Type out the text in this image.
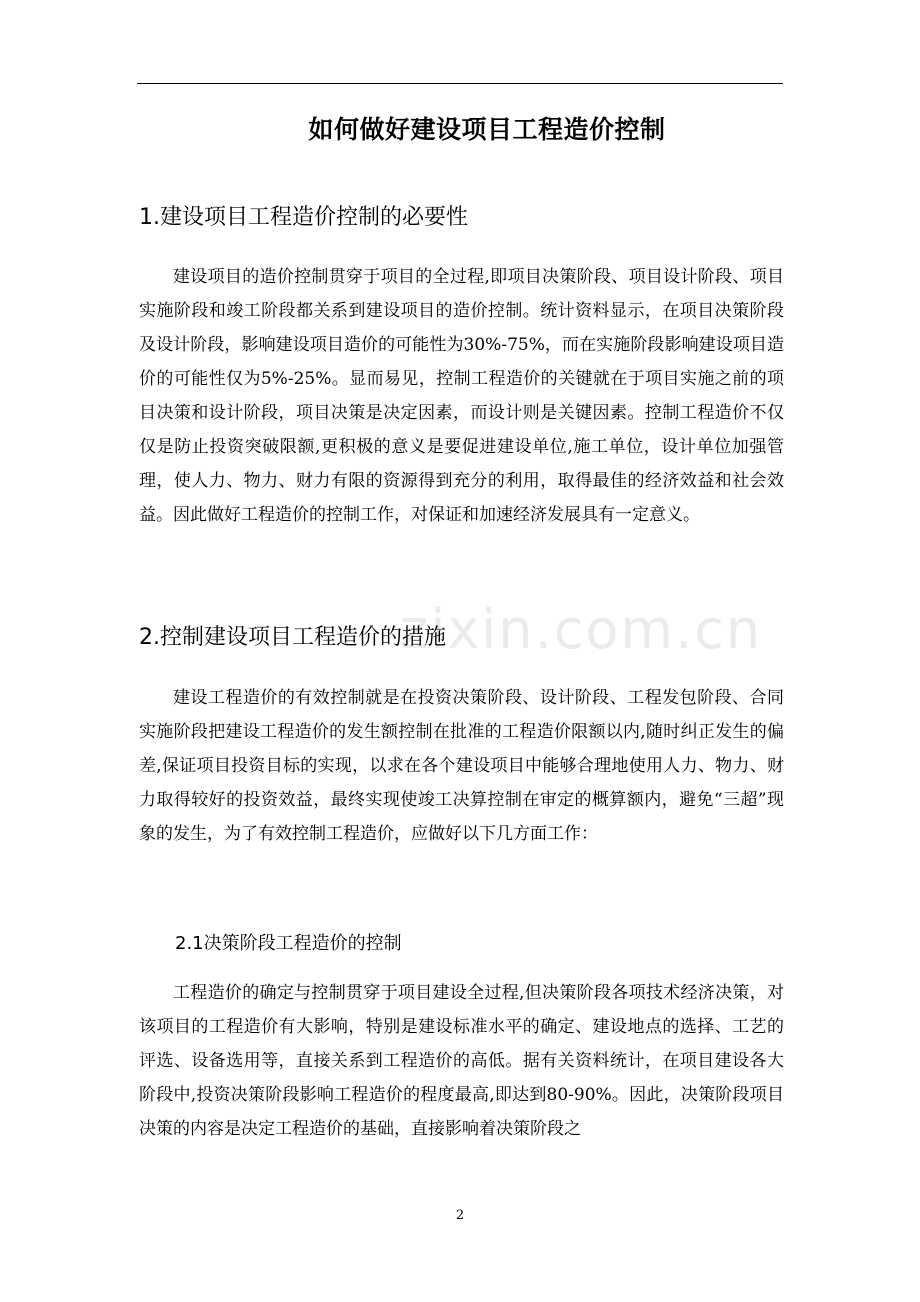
如何做好建设项目工程造价控制
1.建设项目工程造价控制的必要性

建设项目的造价控制贯穿于项目的全过程,即项目决策阶段、项目设计阶段、项目实施阶段和竣工阶段都关系到建设项目的造价控制。统计资料显示，在项目决策阶段及设计阶段，影响建设项目造价的可能性为30%-75%，而在实施阶段影响建设项目造价的可能性仅为5%-25%。显而易见，控制工程造价的关键就在于项目实施之前的项目决策和设计阶段，项目决策是决定因素，而设计则是关键因素。控制工程造价不仅仅是防止投资突破限额,更积极的意义是要促进建设单位,施工单位，设计单位加强管理，使人力、物力、财力有限的资源得到充分的利用，取得最佳的经济效益和社会效益。因此做好工程造价的控制工作，对保证和加速经济发展具有一定意义。

2.控制建设项目工程造价的措施

建设工程造价的有效控制就是在投资决策阶段、设计阶段、工程发包阶段、合同实施阶段把建设工程造价的发生额控制在批准的工程造价限额以内,随时纠正发生的偏差,保证项目投资目标的实现，以求在各个建设项目中能够合理地使用人力、物力、财力取得较好的投资效益，最终实现使竣工决算控制在审定的概算额内，避免“三超”现象的发生，为了有效控制工程造价，应做好以下几方面工作：

2.1决策阶段工程造价的控制

工程造价的确定与控制贯穿于项目建设全过程,但决策阶段各项技术经济决策，对该项目的工程造价有大影响，特别是建设标准水平的确定、建设地点的选择、工艺的评选、设备选用等，直接关系到工程造价的高低。据有关资料统计，在项目建设各大阶段中,投资决策阶段影响工程造价的程度最高,即达到80-90%。因此，决策阶段项目决策的内容是决定工程造价的基础，直接影响着决策阶段之

zixin.com.cn
2
